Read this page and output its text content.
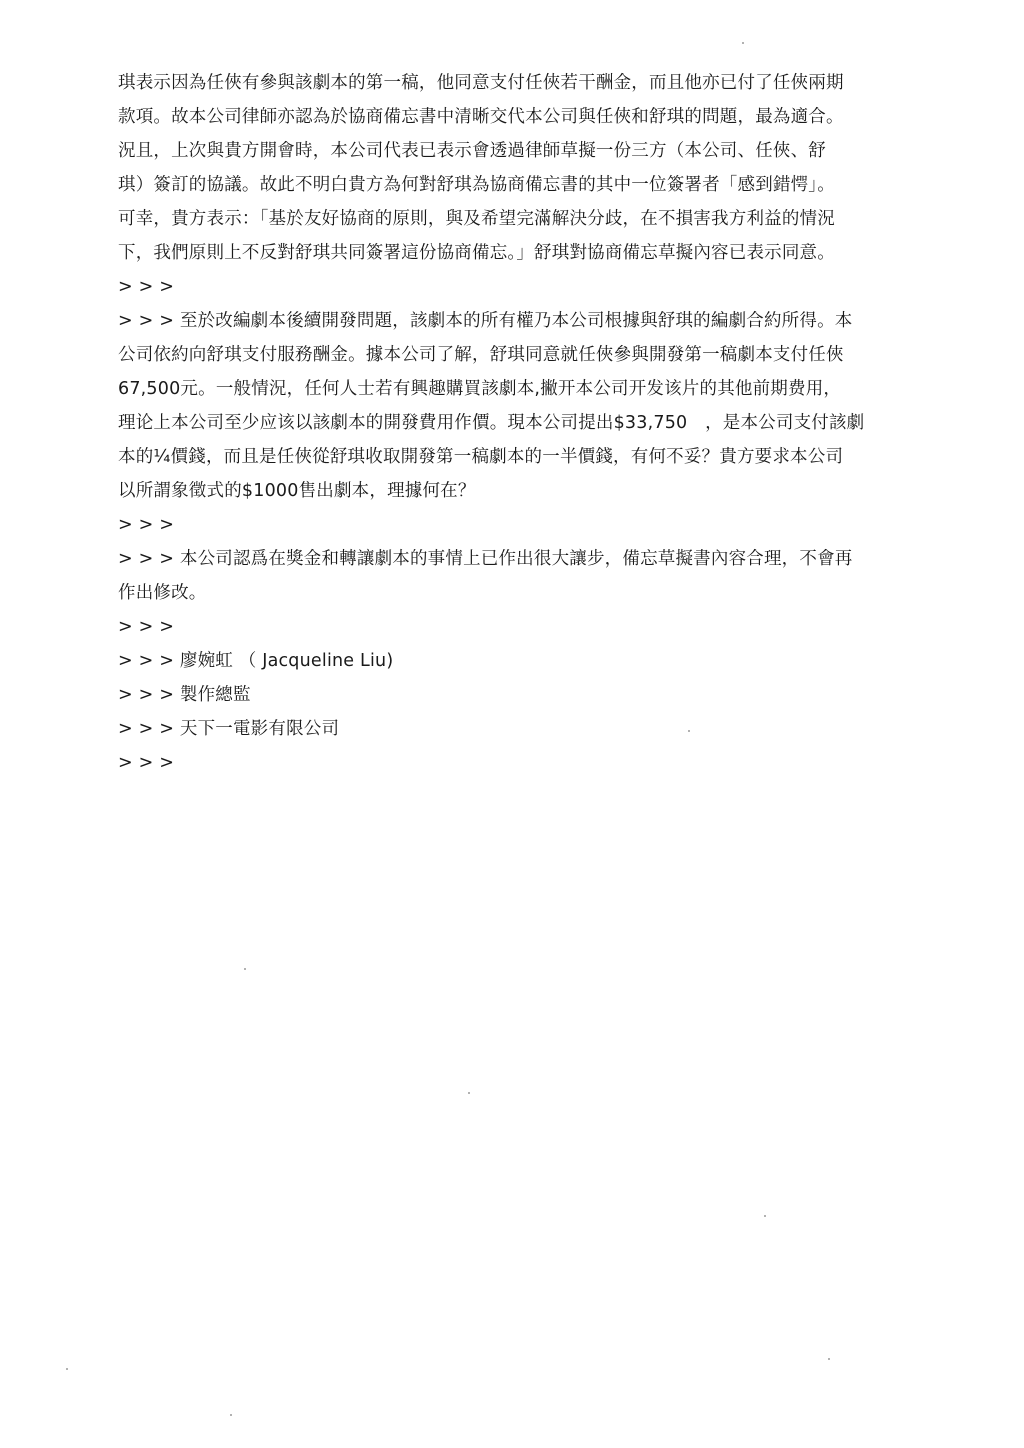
琪表示因為任俠有參與該劇本的第一稿，他同意支付任俠若干酬金，而且他亦已付了任俠兩期
款項。故本公司律師亦認為於協商備忘書中清晰交代本公司與任俠和舒琪的問題，最為適合。
況且，上次與貴方開會時，本公司代表已表示會透過律師草擬一份三方（本公司、任俠、舒
琪）簽訂的協議。故此不明白貴方為何對舒琪為協商備忘書的其中一位簽署者「感到錯愕」。
可幸，貴方表示：「基於友好協商的原則，與及希望完滿解決分歧，在不損害我方利益的情況
下，我們原則上不反對舒琪共同簽署這份協商備忘。」舒琪對協商備忘草擬內容已表示同意。
> > >
> > > 至於改編劇本後續開發問題，該劇本的所有權乃本公司根據與舒琪的編劇合約所得。本
公司依約向舒琪支付服務酬金。據本公司了解，舒琪同意就任俠參與開發第一稿劇本支付任俠
67,500元。一般情況，任何人士若有興趣購買該劇本,撇开本公司开发该片的其他前期费用，
理论上本公司至少应该以該劇本的開發費用作價。現本公司提出$33,750　，是本公司支付該劇
本的¼價錢，而且是任俠從舒琪收取開發第一稿劇本的一半價錢，有何不妥？貴方要求本公司
以所謂象徵式的$1000售出劇本，理據何在？
> > >
> > > 本公司認爲在獎金和轉讓劇本的事情上已作出很大讓步，備忘草擬書內容合理，不會再
作出修改。
> > >
> > > 廖婉虹 （ Jacqueline Liu)
> > > 製作總監
> > > 天下一電影有限公司
> > >
